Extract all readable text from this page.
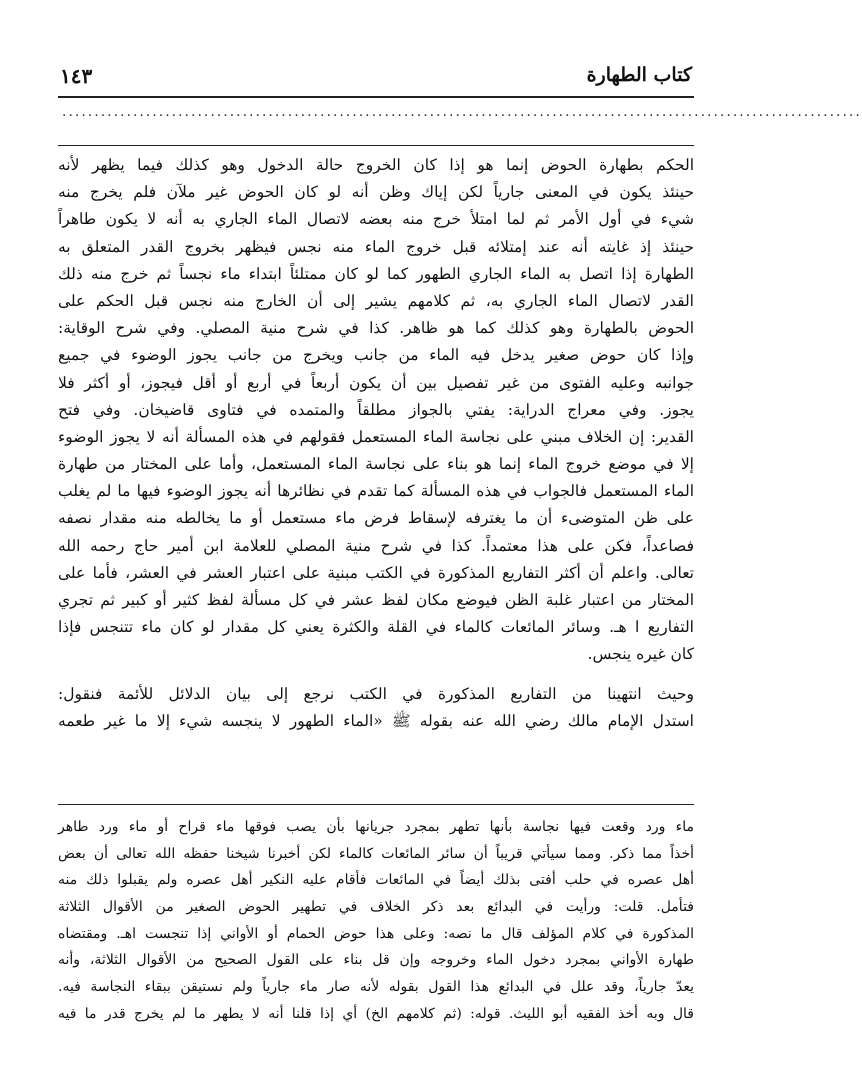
١٤٣	كتاب الطهارة
............................................................................................................................
الحكم بطهارة الحوض إنما هو إذا كان الخروج حالة الدخول وهو كذلك فيما يظهر لأنه
حينئذ يكون في المعنى جارياً لكن إياك وظن أنه لو كان الحوض غير ملآن فلم يخرج منه
شيء في أول الأمر ثم لما امتلأ خرج منه بعضه لاتصال الماء الجاري به أنه لا يكون طاهراً
حينئذ إذ غايته أنه عند إمتلائه قبل خروج الماء منه نجس فيظهر بخروج القدر المتعلق به
الطهارة إذا اتصل به الماء الجاري الطهور كما لو كان ممتلئاً ابتداء ماء نجساً ثم خرج منه ذلك
القدر لاتصال الماء الجاري به، ثم كلامهم يشير إلى أن الخارج منه نجس قبل الحكم على
الحوض بالطهارة وهو كذلك كما هو ظاهر. كذا في شرح منية المصلي. وفي شرح الوقاية:
وإذا كان حوض صغير يدخل فيه الماء من جانب ويخرج من جانب يجوز الوضوء في جميع
جوانبه وعليه الفتوى من غير تفصيل بين أن يكون أربعاً في أربع أو أقل فيجوز، أو أكثر فلا
يجوز. وفي معراج الدراية: يفتي بالجواز مطلقاً والمتمده في فتاوى قاضيخان. وفي فتح
القدير: إن الخلاف مبني على نجاسة الماء المستعمل فقولهم في هذه المسألة أنه لا يجوز الوضوء
إلا في موضع خروج الماء إنما هو بناء على نجاسة الماء المستعمل، وأما على المختار من طهارة
الماء المستعمل فالجواب في هذه المسألة كما تقدم في نظائرها أنه يجوز الوضوء فيها ما لم يغلب
على ظن المتوضىء أن ما يغترفه لإسقاط فرض ماء مستعمل أو ما يخالطه منه مقدار نصفه
فصاعداً، فكن على هذا معتمداً. كذا في شرح منية المصلي للعلامة ابن أمير حاج رحمه الله
تعالى. واعلم أن أكثر التفاريع المذكورة في الكتب مبنية على اعتبار العشر في العشر، فأما على
المختار من اعتبار غلبة الظن فيوضع مكان لفظ عشر في كل مسألة لفظ كثير أو كبير ثم تجري
التفاريع ا هـ. وسائر المائعات كالماء في القلة والكثرة يعني كل مقدار لو كان ماء تتنجس فإذا
كان غيره ينجس.
وحيث انتهينا من التفاريع المذكورة في الكتب نرجع إلى بيان الدلائل للأئمة فنقول:
استدل الإمام مالك رضي الله عنه بقوله ﷺ «الماء الطهور لا ينجسه شيء إلا ما غير طعمه
ماء ورد وقعت فيها نجاسة بأنها تطهر بمجرد جريانها بأن يصب فوقها ماء قراح أو ماء ورد طاهر
أخذاً مما ذكر. ومما سيأتي قريباً أن سائر المائعات كالماء لكن أخبرنا شيخنا حفظه الله تعالى أن بعض
أهل عصره في حلب أفتى بذلك أيضاً في المائعات فأقام عليه النكير أهل عصره ولم يقبلوا ذلك منه
فتأمل. قلت: ورأيت في البدائع بعد ذكر الخلاف في تطهير الحوض الصغير من الأقوال الثلاثة
المذكورة في كلام المؤلف قال ما نصه: وعلى هذا حوض الحمام أو الأواني إذا تنجست اهـ. ومقتضاه
طهارة الأواني بمجرد دخول الماء وخروجه وإن قل بناء على القول الصحيح من الأقوال الثلاثة، وأنه
يعدّ جارياً، وقد علل في البدائع هذا القول بقوله لأنه صار ماء جارياً ولم نستيقن ببقاء النجاسة فيه.
قال وبه أخذ الفقيه أبو الليث. قوله: (ثم كلامهم الخ) أي إذا قلنا أنه لا يطهر ما لم يخرج قدر ما فيه
